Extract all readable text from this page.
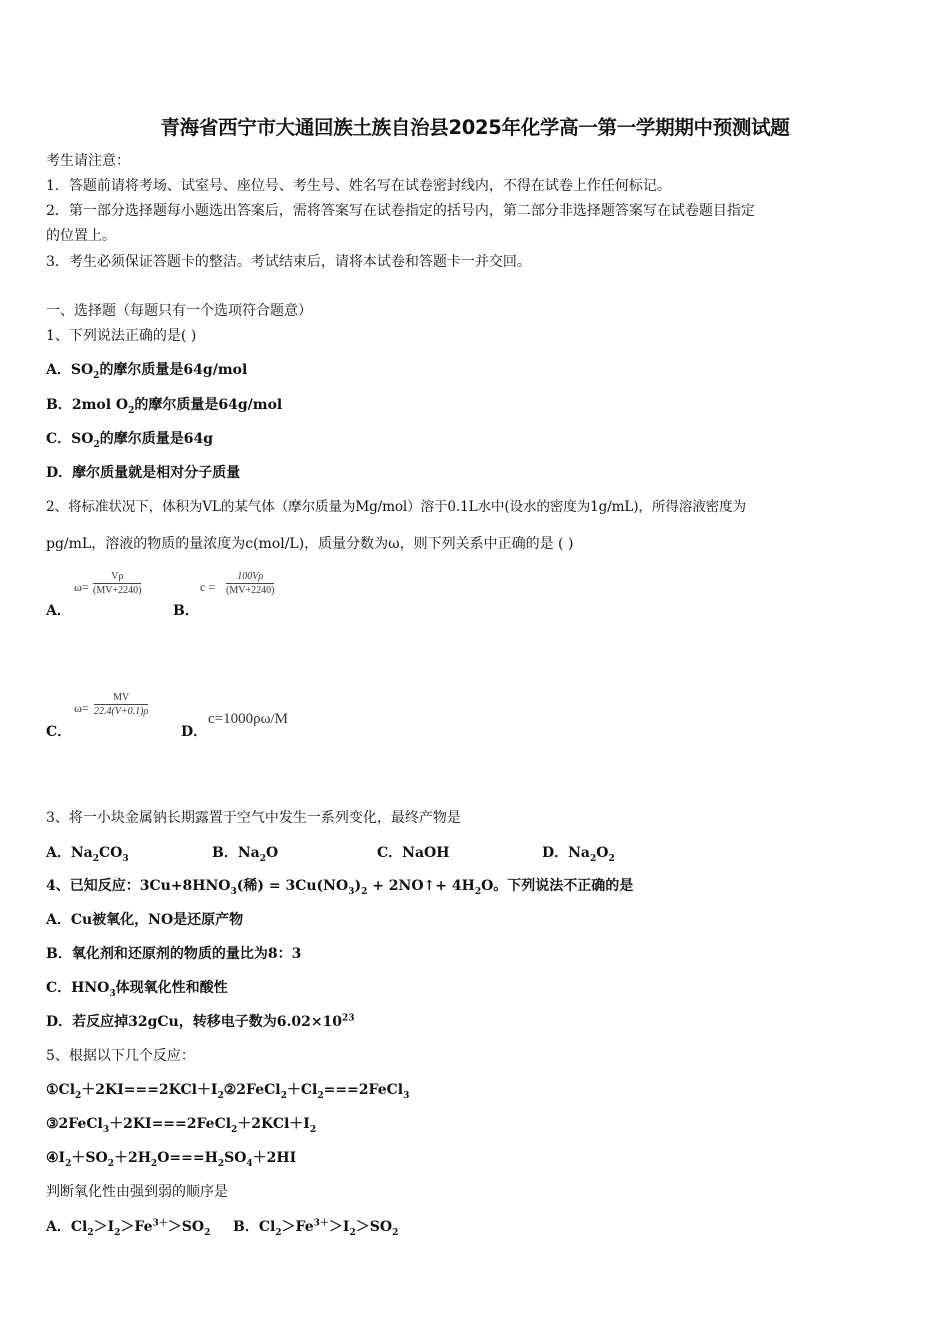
青海省西宁市大通回族土族自治县2025年化学高一第一学期期中预测试题
考生请注意：
1．答题前请将考场、试室号、座位号、考生号、姓名写在试卷密封线内，不得在试卷上作任何标记。
2．第一部分选择题每小题选出答案后，需将答案写在试卷指定的括号内，第二部分非选择题答案写在试卷题目指定
的位置上。
3．考生必须保证答题卡的整洁。考试结束后，请将本试卷和答题卡一并交回。
一、选择题（每题只有一个选项符合题意）
1、下列说法正确的是( )
A．$SO_2$的摩尔质量是64g/mol
B．2mol $O_2$的摩尔质量是64g/mol
C．$SO_2$的摩尔质量是64g
D．摩尔质量就是相对分子质量
2、将标准状况下，体积为VL的某气体（摩尔质量为Mg/mol）溶于0.1L水中(设水的密度为1g/mL)，所得溶液密度为
pg/mL，溶液的物质的量浓度为c(mol/L)，质量分数为ω，则下列关系中正确的是 ( )
A．
$\omega= \frac{V\rho}{(MV+2240)}$
B．
$c = \frac{100V\rho}{(MV+2240)}$
C．
$\omega= \frac{MV}{22.4(V+0.1)\rho}$
D．
c=1000ρω/M
3、将一小块金属钠长期露置于空气中发生一系列变化，最终产物是
A．$Na_2CO_3$	B．$Na_2O$	C．NaOH	D．$Na_2O_2$
4、已知反应：$3Cu+8HNO_3$(稀) = $3Cu(NO_3)_2$ + 2NO↑+ $4H_2O$。下列说法不正确的是
A．Cu被氧化，NO是还原产物
B．氧化剂和还原剂的物质的量比为8：3
C．$HNO_3$体现氧化性和酸性
D．若反应掉32gCu，转移电子数为$6.02\times 10^{23}$
5、根据以下几个反应：
$①Cl_2+2KI===2KCl+I_2②2FeCl_2+Cl_2===2FeCl_3$
$③2FeCl_3+2KI===2FeCl_2+2KCl+I_2$
$④I_2+SO_2+2H_2O===H_2SO_4+2HI$
判断氧化性由强到弱的顺序是
A．$Cl_2>I_2>Fe^{3+}>SO_2$ B．$Cl_2>Fe^{3+}>I_2>SO_2$
